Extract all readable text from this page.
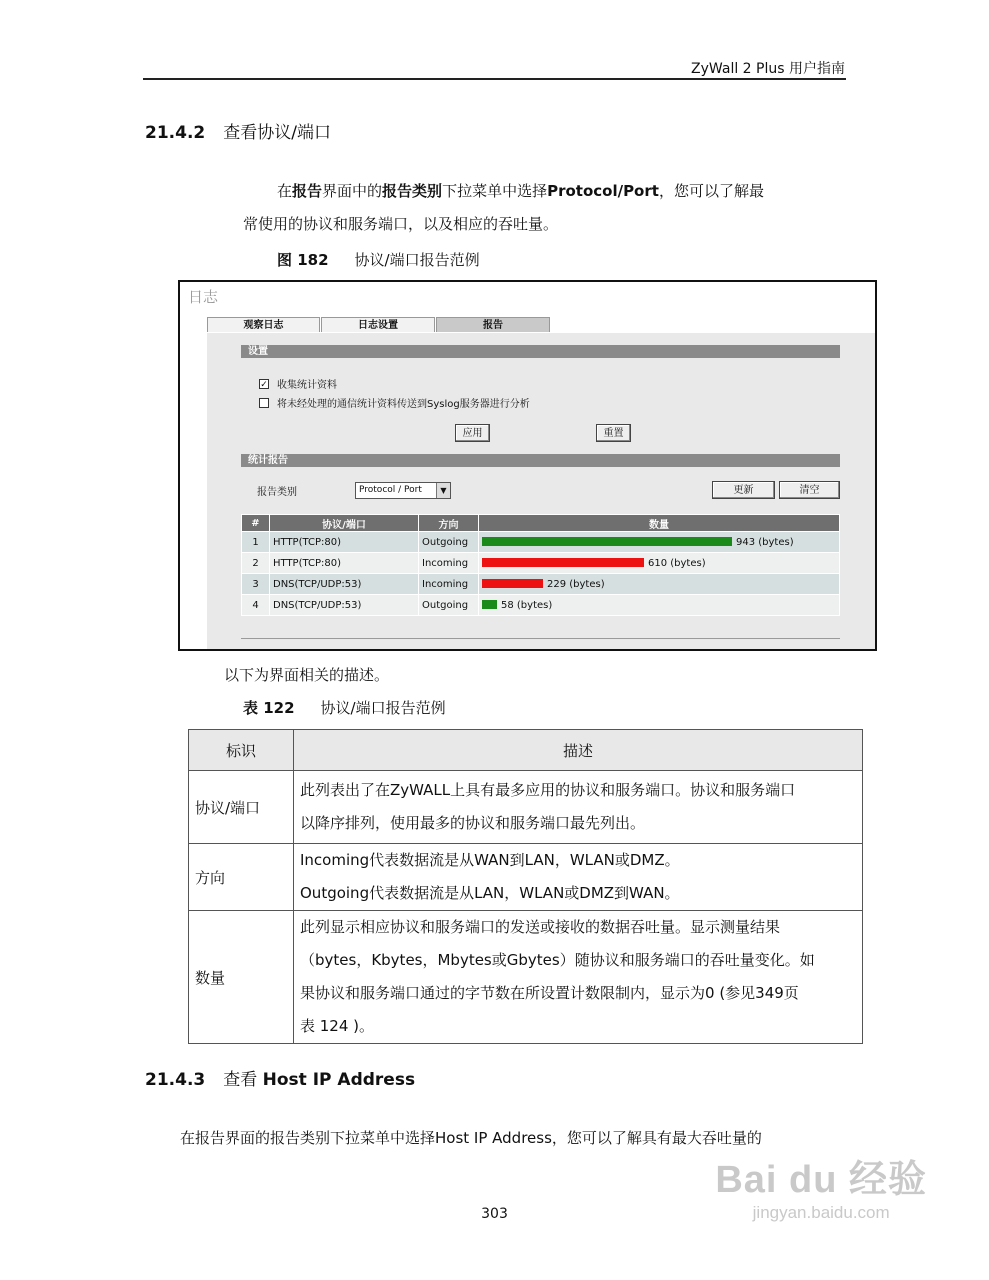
ZyWall 2 Plus 用户指南
21.4.2 查看协议/端口
在报告界面中的报告类别下拉菜单中选择Protocol/Port，您可以了解最
常使用的协议和服务端口，以及相应的吞吐量。
图 182 协议/端口报告范例
日志
观察日志	日志设置	报告
设置
✓ 收集统计资料
将未经处理的通信统计资料传送到Syslog服务器进行分析
应用	重置
统计报告
报告类别	Protocol / Port	▼	更新	清空
#	协议/端口	方向	数量
1	HTTP(TCP:80)	Outgoing	943 (bytes)
2	HTTP(TCP:80)	Incoming	610 (bytes)
3	DNS(TCP/UDP:53)	Incoming	229 (bytes)
4	DNS(TCP/UDP:53)	Outgoing	58 (bytes)
以下为界面相关的描述。
表 122 协议/端口报告范例
标识	描述
协议/端口	此列表出了在ZyWALL上具有最多应用的协议和服务端口。协议和服务端口
以降序排列，使用最多的协议和服务端口最先列出。

方向	Incoming代表数据流是从WAN到LAN，WLAN或DMZ。
Outgoing代表数据流是从LAN，WLAN或DMZ到WAN。

数量	此列显示相应协议和服务端口的发送或接收的数据吞吐量。显示测量结果
（bytes，Kbytes，Mbytes或Gbytes）随协议和服务端口的吞吐量变化。如
果协议和服务端口通过的字节数在所设置计数限制内，显示为0 (参见349页
表 124 )。
21.4.3 查看 Host IP Address
在报告界面的报告类别下拉菜单中选择Host IP Address，您可以了解具有最大吞吐量的
303
Bai du 经验
jingyan.baidu.com
